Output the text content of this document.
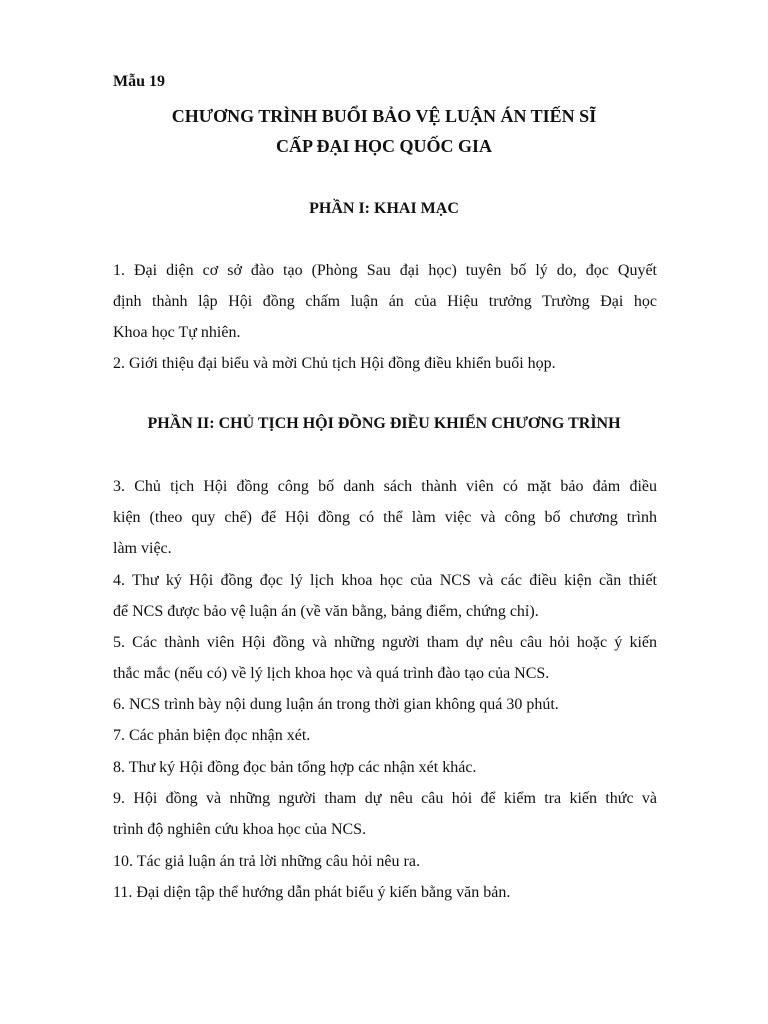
Mẫu 19
CHƯƠNG TRÌNH BUỔI BẢO VỆ LUẬN ÁN TIẾN SĨ
CẤP ĐẠI HỌC QUỐC GIA
PHẦN I: KHAI MẠC
1. Đại diện cơ sở đào tạo (Phòng Sau đại học) tuyên bố lý do, đọc Quyết
định thành lập Hội đồng chấm luận án của Hiệu trưởng Trường Đại học
Khoa học Tự nhiên.
2. Giới thiệu đại biểu và mời Chủ tịch Hội đồng điều khiển buổi họp.
PHẦN II: CHỦ TỊCH HỘI ĐỒNG ĐIỀU KHIỂN CHƯƠNG TRÌNH
3. Chủ tịch Hội đồng công bố danh sách thành viên có mặt bảo đảm điều
kiện (theo quy chế) để Hội đồng có thể làm việc và công bố chương trình
làm việc.
4. Thư ký Hội đồng đọc lý lịch khoa học của NCS và các điều kiện cần thiết
để NCS được bảo vệ luận án (về văn bằng, bảng điểm, chứng chỉ).
5. Các thành viên Hội đồng và những người tham dự nêu câu hỏi hoặc ý kiến
thắc mắc (nếu có) về lý lịch khoa học và quá trình đào tạo của NCS.
6. NCS trình bày nội dung luận án trong thời gian không quá 30 phút.
7. Các phản biện đọc nhận xét.
8. Thư ký Hội đồng đọc bản tổng hợp các nhận xét khác.
9. Hội đồng và những người tham dự nêu câu hỏi để kiểm tra kiến thức và
trình độ nghiên cứu khoa học của NCS.
10. Tác giả luận án trả lời những câu hỏi nêu ra.
11. Đại diện tập thể hướng dẫn phát biểu ý kiến bằng văn bản.
